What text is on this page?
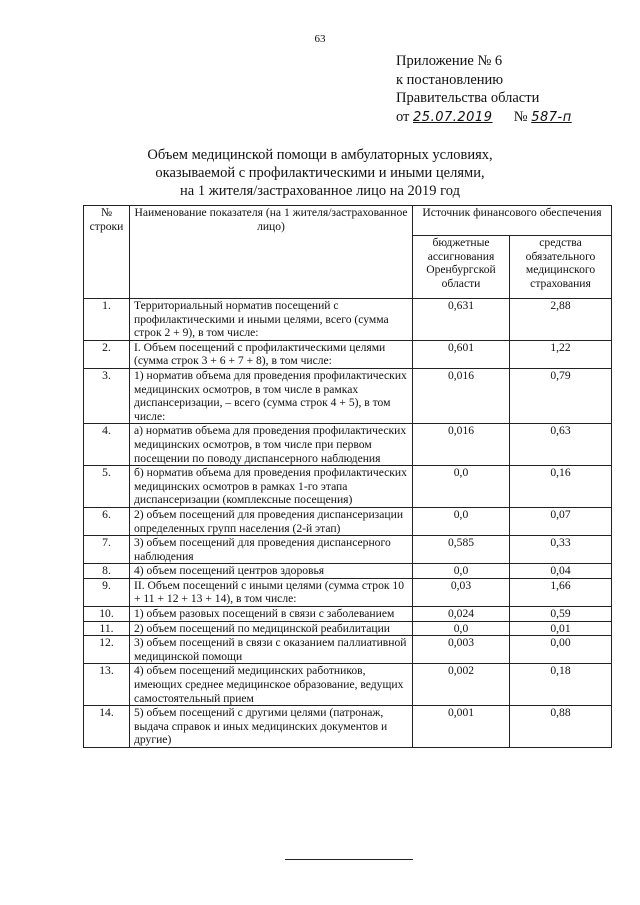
63
Приложение № 6
к постановлению
Правительства области
от 25.07.2019 № 587-п
Объем медицинской помощи в амбулаторных условиях,
оказываемой с профилактическими и иными целями,
на 1 жителя/застрахованное лицо на 2019 год
№ строки	Наименование показателя (на 1 жителя/застрахованное лицо)	Источник финансового обеспечения	
		бюджетные ассигнования Оренбургской области	средства обязательного медицинского страхования
1.	Территориальный норматив посещений с профилактическими и иными целями, всего (сумма строк 2 + 9), в том числе:	0,631	2,88
2.	I. Объем посещений с профилактическими целями (сумма строк 3 + 6 + 7 + 8), в том числе:	0,601	1,22
3.	1) норматив объема для проведения профилактических медицинских осмотров, в том числе в рамках диспансеризации, – всего (сумма строк 4 + 5), в том числе:	0,016	0,79
4.	а) норматив объема для проведения профилактических медицинских осмотров, в том числе при первом посещении по поводу диспансерного наблюдения	0,016	0,63
5.	б) норматив объема для проведения профилактических медицинских осмотров в рамках 1-го этапа диспансеризации (комплексные посещения)	0,0	0,16
6.	2) объем посещений для проведения диспансеризации определенных групп населения (2-й этап)	0,0	0,07
7.	3) объем посещений для проведения диспансерного наблюдения	0,585	0,33
8.	4) объем посещений центров здоровья	0,0	0,04
9.	II. Объем посещений с иными целями (сумма строк 10 + 11 + 12 + 13 + 14), в том числе:	0,03	1,66
10.	1) объем разовых посещений в связи с заболеванием	0,024	0,59
11.	2) объем посещений по медицинской реабилитации	0,0	0,01
12.	3) объем посещений в связи с оказанием паллиативной медицинской помощи	0,003	0,00
13.	4) объем посещений медицинских работников, имеющих среднее медицинское образование, ведущих самостоятельный прием	0,002	0,18
14.	5) объем посещений с другими целями (патронаж, выдача справок и иных медицинских документов и другие)	0,001	0,88
